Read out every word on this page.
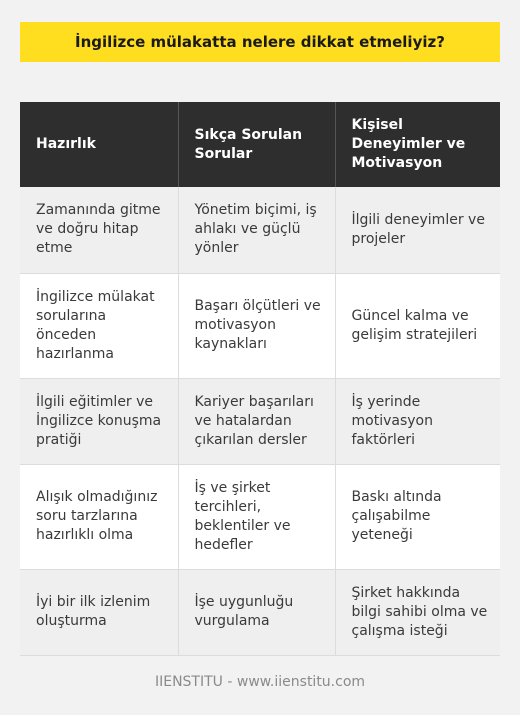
İngilizce mülakatta nelere dikkat etmeliyiz?
Hazırlık	Sıkça Sorulan Sorular	Kişisel Deneyimler ve Motivasyon
Zamanında gitme ve doğru hitap etme	Yönetim biçimi, iş ahlakı ve güçlü yönler	İlgili deneyimler ve projeler
İngilizce mülakat sorularına önceden hazırlanma	Başarı ölçütleri ve motivasyon kaynakları	Güncel kalma ve gelişim stratejileri
İlgili eğitimler ve İngilizce konuşma pratiği	Kariyer başarıları ve hatalardan çıkarılan dersler	İş yerinde motivasyon faktörleri
Alışık olmadığınız soru tarzlarına hazırlıklı olma	İş ve şirket tercihleri, beklentiler ve hedefler	Baskı altında çalışabilme yeteneği
İyi bir ilk izlenim oluşturma	İşe uygunluğu vurgulama	Şirket hakkında bilgi sahibi olma ve çalışma isteği
IIENSTITU - www.iienstitu.com
